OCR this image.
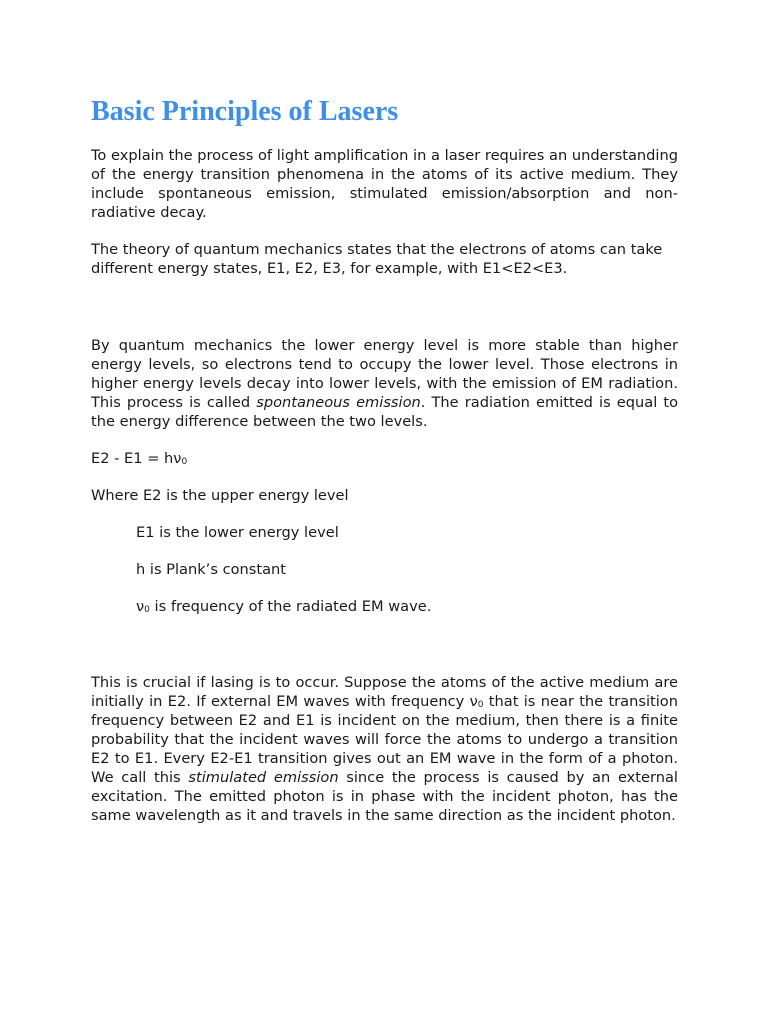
Basic Principles of Lasers

To explain the process of light amplification in a laser requires an understanding of the energy transition phenomena in the atoms of its active medium. They include spontaneous emission, stimulated emission/absorption and non-radiative decay.

The theory of quantum mechanics states that the electrons of atoms can take different energy states, E1, E2, E3, for example, with E1<E2<E3.

By quantum mechanics the lower energy level is more stable than higher energy levels, so electrons tend to occupy the lower level. Those electrons in higher energy levels decay into lower levels, with the emission of EM radiation. This process is called spontaneous emission. The radiation emitted is equal to the energy difference between the two levels.

$E2 - E1 = h\nu_0$

Where E2 is the upper energy level

E1 is the lower energy level

h is Plank’s constant

$\nu_0$ is frequency of the radiated EM wave.

This is crucial if lasing is to occur. Suppose the atoms of the active medium are initially in E2. If external EM waves with frequency $\nu_0$ that is near the transition frequency between E2 and E1 is incident on the medium, then there is a finite probability that the incident waves will force the atoms to undergo a transition E2 to E1. Every E2-E1 transition gives out an EM wave in the form of a photon. We call this stimulated emission since the process is caused by an external excitation. The emitted photon is in phase with the incident photon, has the same wavelength as it and travels in the same direction as the incident photon.
